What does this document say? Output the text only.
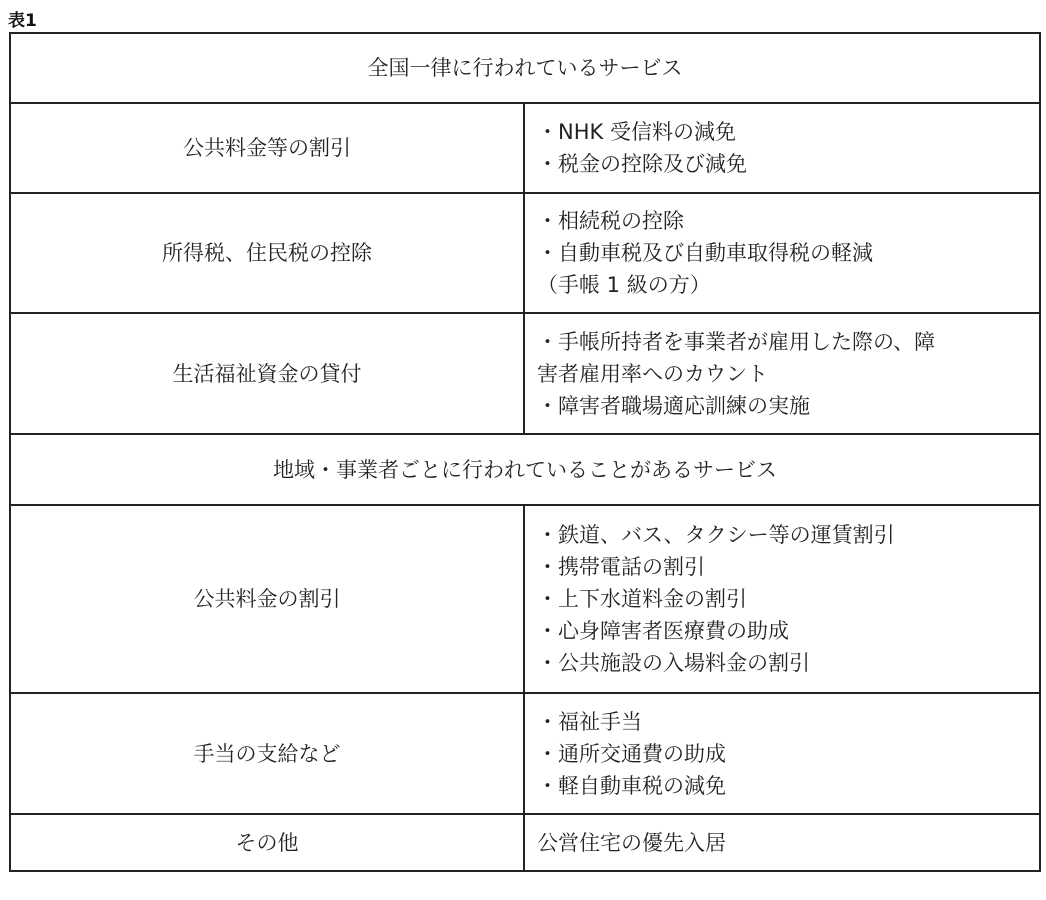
表1
全国一律に行われているサービス	
公共料金等の割引	・NHK 受信料の減免
・税金の控除及び減免

所得税、住民税の控除	・相続税の控除
・自動車税及び自動車取得税の軽減
（手帳 1 級の方）

生活福祉資金の貸付	・手帳所持者を事業者が雇用した際の、障
害者雇用率へのカウント
・障害者職場適応訓練の実施

地域・事業者ごとに行われていることがあるサービス	
公共料金の割引	・鉄道、バス、タクシー等の運賃割引
・携帯電話の割引
・上下水道料金の割引
・心身障害者医療費の助成
・公共施設の入場料金の割引

手当の支給など	・福祉手当
・通所交通費の助成
・軽自動車税の減免

その他	公営住宅の優先入居
